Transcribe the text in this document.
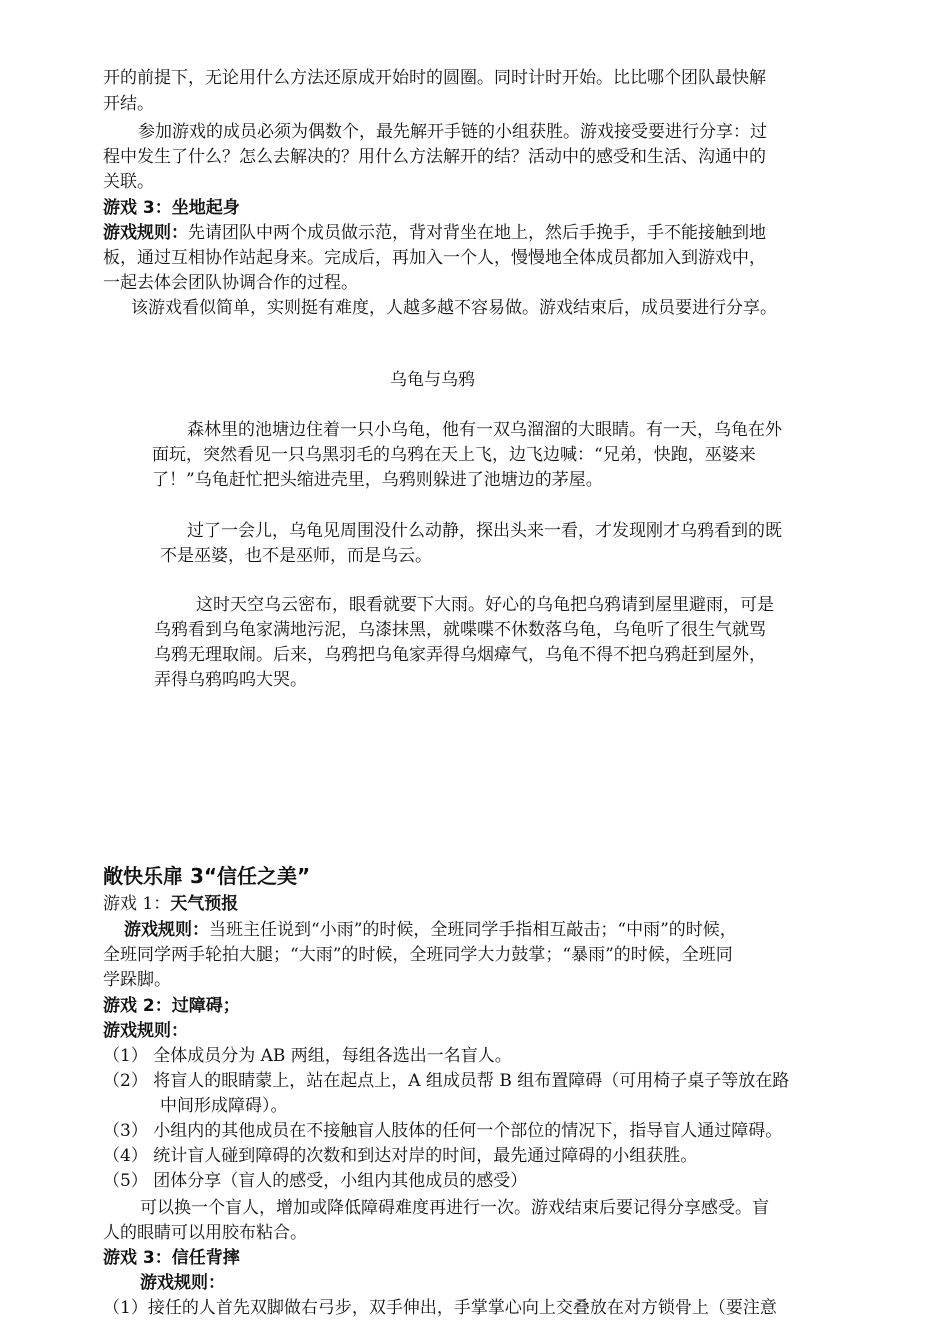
开的前提下，无论用什么方法还原成开始时的圆圈。同时计时开始。比比哪个团队最快解
开结。
参加游戏的成员必须为偶数个，最先解开手链的小组获胜。游戏接受要进行分享：过
程中发生了什么？怎么去解决的？用什么方法解开的结？活动中的感受和生活、沟通中的
关联。
游戏 3：坐地起身
游戏规则：先请团队中两个成员做示范，背对背坐在地上，然后手挽手，手不能接触到地
板，通过互相协作站起身来。完成后，再加入一个人，慢慢地全体成员都加入到游戏中，
一起去体会团队协调合作的过程。
该游戏看似简单，实则挺有难度，人越多越不容易做。游戏结束后，成员要进行分享。
乌龟与乌鸦
森林里的池塘边住着一只小乌龟，他有一双乌溜溜的大眼睛。有一天，乌龟在外
面玩，突然看见一只乌黑羽毛的乌鸦在天上飞，边飞边喊：“兄弟，快跑，巫婆来
了！”乌龟赶忙把头缩进壳里，乌鸦则躲进了池塘边的茅屋。
过了一会儿，乌龟见周围没什么动静，探出头来一看，才发现刚才乌鸦看到的既
不是巫婆，也不是巫师，而是乌云。
这时天空乌云密布，眼看就要下大雨。好心的乌龟把乌鸦请到屋里避雨，可是
乌鸦看到乌龟家满地污泥，乌漆抹黑，就喋喋不休数落乌龟，乌龟听了很生气就骂
乌鸦无理取闹。后来，乌鸦把乌龟家弄得乌烟瘴气，乌龟不得不把乌鸦赶到屋外，
弄得乌鸦呜呜大哭。
敞快乐扉 3“信任之美”
游戏 1：天气预报
游戏规则：当班主任说到“小雨”的时候，全班同学手指相互敲击；“中雨”的时候，
全班同学两手轮拍大腿；“大雨”的时候，全班同学大力鼓掌；“暴雨”的时候，全班同
学跺脚。
游戏 2：过障碍；
游戏规则：
（1） 全体成员分为 AB 两组，每组各选出一名盲人。
（2） 将盲人的眼睛蒙上，站在起点上，A 组成员帮 B 组布置障碍（可用椅子桌子等放在路
中间形成障碍）。
（3） 小组内的其他成员在不接触盲人肢体的任何一个部位的情况下，指导盲人通过障碍。
（4） 统计盲人碰到障碍的次数和到达对岸的时间，最先通过障碍的小组获胜。
（5） 团体分享（盲人的感受，小组内其他成员的感受）
可以换一个盲人，增加或降低障碍难度再进行一次。游戏结束后要记得分享感受。盲
人的眼睛可以用胶布粘合。
游戏 3：信任背摔
游戏规则：
（1）接任的人首先双脚做右弓步，双手伸出，手掌掌心向上交叠放在对方锁骨上（要注意
